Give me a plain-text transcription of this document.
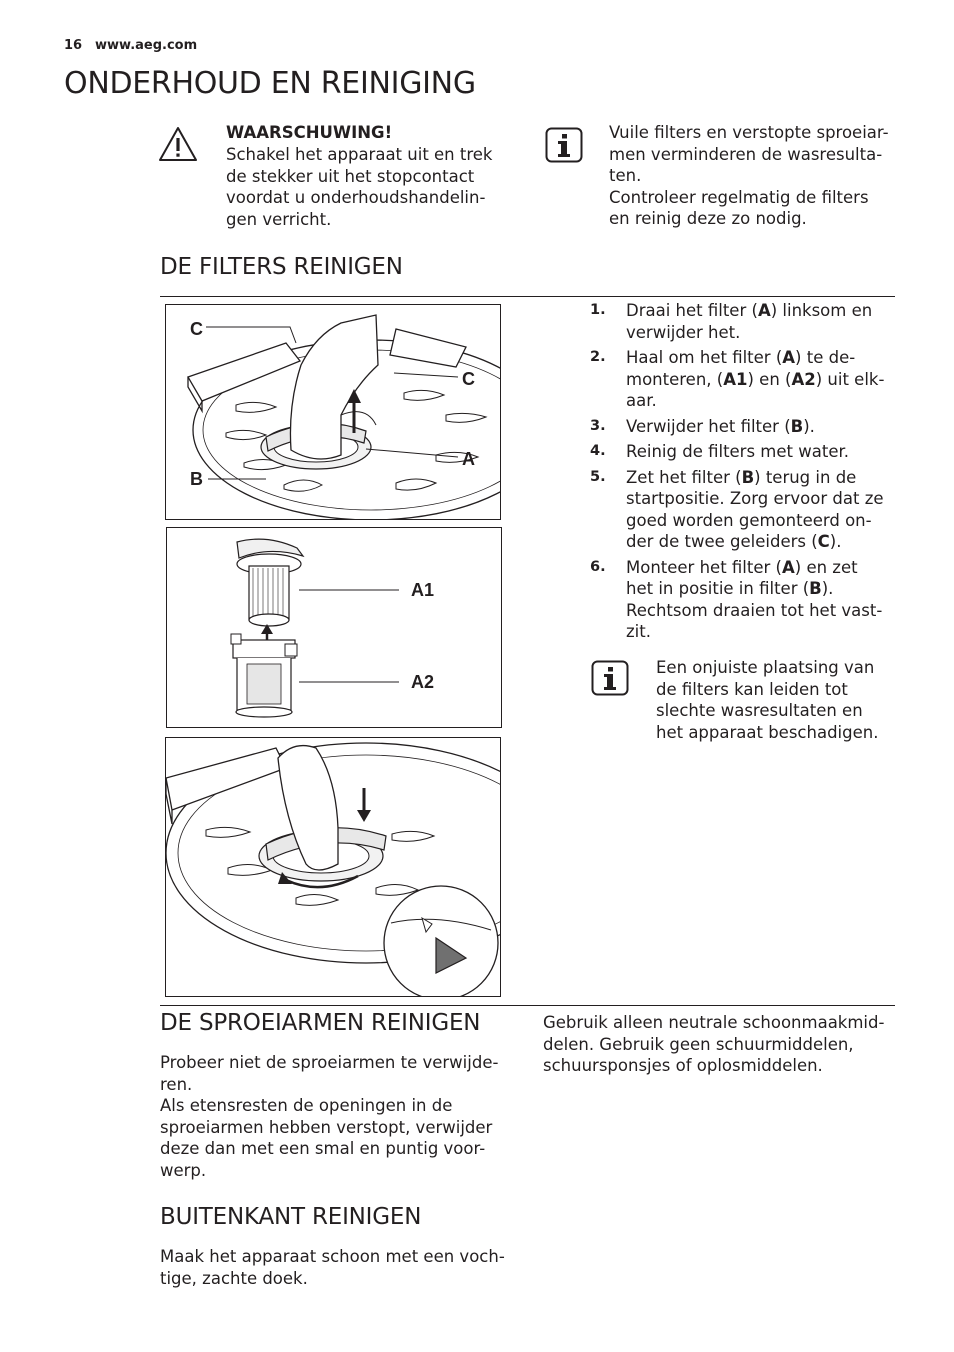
16 www.aeg.com
ONDERHOUD EN REINIGING
WAARSCHUWING!
Schakel het apparaat uit en trek
de stekker uit het stopcontact
voordat u onderhoudshandelin-
gen verricht.
Vuile filters en verstopte sproeiar-
men verminderen de wasresulta-
ten.
Controleer regelmatig de filters
en reinig deze zo nodig.
DE FILTERS REINIGEN
C
C
A
B
A1
A2
1. Draai het filter (A) linksom en
verwijder het.
2. Haal om het filter (A) te de-
monteren, (A1) en (A2) uit elk-
aar.
3. Verwijder het filter (B).
4. Reinig de filters met water.
5. Zet het filter (B) terug in de
startpositie. Zorg ervoor dat ze
goed worden gemonteerd on-
der de twee geleiders (C).
6. Monteer het filter (A) en zet
het in positie in filter (B).
Rechtsom draaien tot het vast-
zit.
Een onjuiste plaatsing van
de filters kan leiden tot
slechte wasresultaten en
het apparaat beschadigen.
DE SPROEIARMEN REINIGEN
Probeer niet de sproeiarmen te verwijde-
ren.
Als etensresten de openingen in de
sproeiarmen hebben verstopt, verwijder
deze dan met een smal en puntig voor-
werp.
Gebruik alleen neutrale schoonmaakmid-
delen. Gebruik geen schuurmiddelen,
schuursponsjes of oplosmiddelen.
BUITENKANT REINIGEN
Maak het apparaat schoon met een voch-
tige, zachte doek.
